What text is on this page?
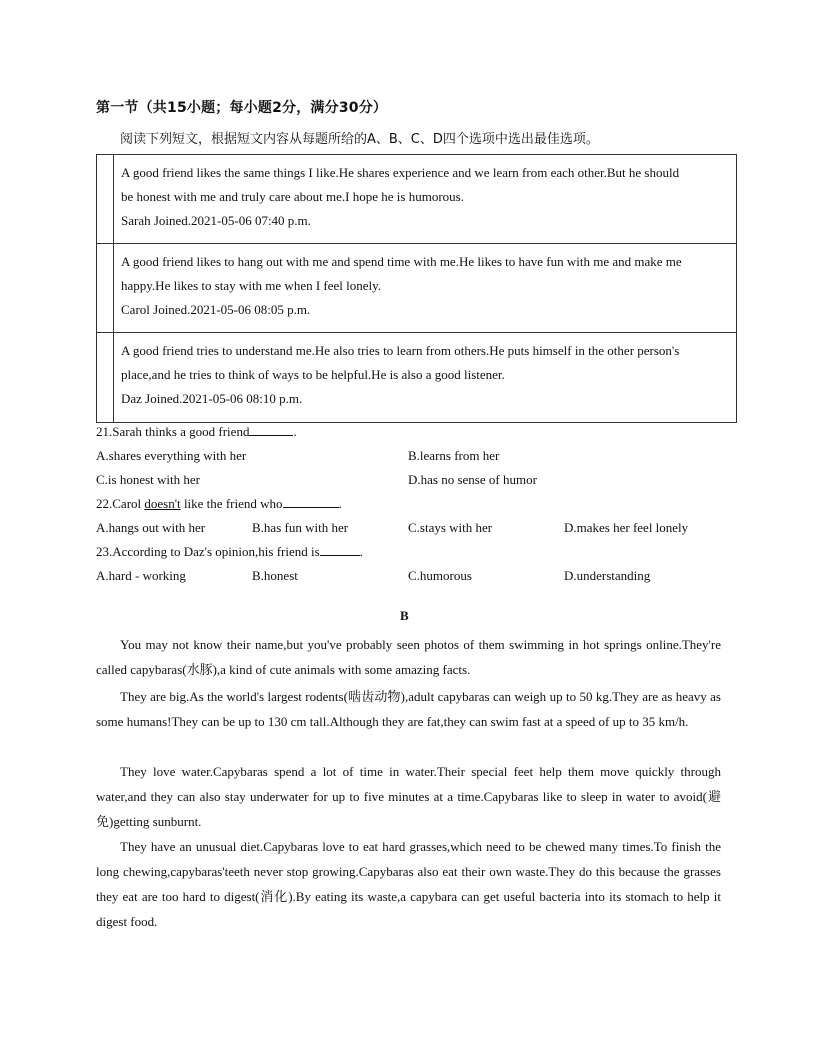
第一节（共15小题；每小题2分，满分30分）
阅读下列短文，根据短文内容从每题所给的A、B、C、D四个选项中选出最佳选项。

	A good friend likes the same things I like.He shares experience and we learn from each other.But he should
be honest with me and truly care about me.I hope he is humorous.
Sarah Joined.2021-05-06 07:40 p.m.

	A good friend likes to hang out with me and spend time with me.He likes to have fun with me and make me
happy.He likes to stay with me when I feel lonely.
Carol Joined.2021-05-06 08:05 p.m.

	A good friend tries to understand me.He also tries to learn from others.He puts himself in the other person's
place,and he tries to think of ways to be helpful.He is also a good listener.
Daz Joined.2021-05-06 08:10 p.m.
21.Sarah thinks a good friend	.
A.shares everything with her	B.learns from her
C.is honest with her	D.has no sense of humor
22.Carol doesn't like the friend who	.
A.hangs out with her	B.has fun with her	C.stays with her	D.makes her feel lonely
23.According to Daz's opinion,his friend is	.
A.hard - working	B.honest	C.humorous	D.understanding
B

You may not know their name,but you've probably seen photos of them swimming in hot springs online.They're called capybaras(水豚),a kind of cute animals with some amazing facts.

They are big.As the world's largest rodents(啮齿动物),adult capybaras can weigh up to 50 kg.They are as heavy as some humans!They can be up to 130 cm tall.Although they are fat,they can swim fast at a speed of up to 35 km/h.

They love water.Capybaras spend a lot of time in water.Their special feet help them move quickly through water,and they can also stay underwater for up to five minutes at a time.Capybaras like to sleep in water to avoid(避免)getting sunburnt.

They have an unusual diet.Capybaras love to eat hard grasses,which need to be chewed many times.To finish the long chewing,capybaras'teeth never stop growing.Capybaras also eat their own waste.They do this because the grasses they eat are too hard to digest(消化).By eating its waste,a capybara can get useful bacteria into its stomach to help it digest food.
